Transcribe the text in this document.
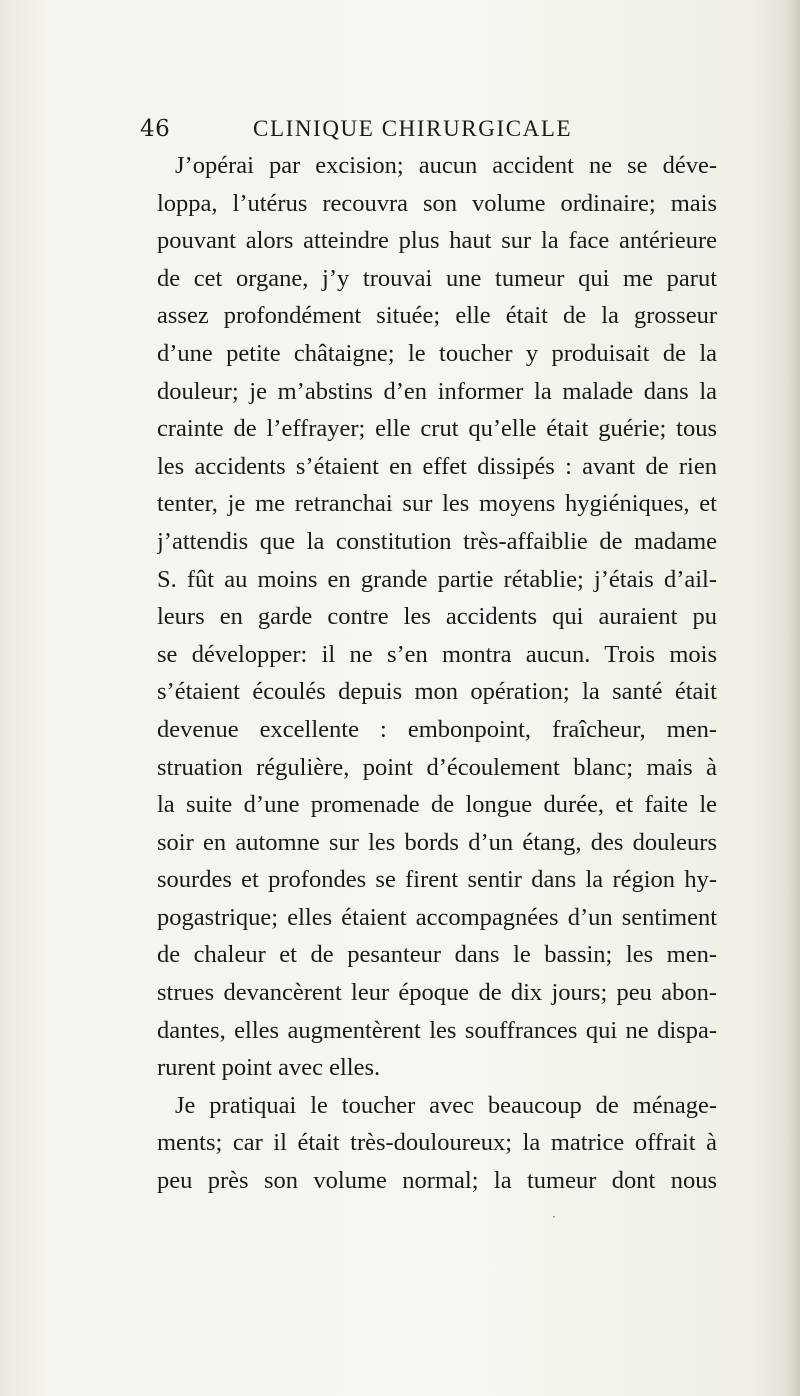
46	CLINIQUE CHIRURGICALE
J’opérai par excision; aucun accident ne se déve-
loppa, l’utérus recouvra son volume ordinaire; mais
pouvant alors atteindre plus haut sur la face antérieure
de cet organe, j’y trouvai une tumeur qui me parut
assez profondément située; elle était de la grosseur
d’une petite châtaigne; le toucher y produisait de la
douleur; je m’abstins d’en informer la malade dans la
crainte de l’effrayer; elle crut qu’elle était guérie; tous
les accidents s’étaient en effet dissipés : avant de rien
tenter, je me retranchai sur les moyens hygiéniques, et
j’attendis que la constitution très-affaiblie de madame
S. fût au moins en grande partie rétablie; j’étais d’ail-
leurs en garde contre les accidents qui auraient pu
se développer: il ne s’en montra aucun. Trois mois
s’étaient écoulés depuis mon opération; la santé était
devenue excellente : embonpoint, fraîcheur, men-
struation régulière, point d’écoulement blanc; mais à
la suite d’une promenade de longue durée, et faite le
soir en automne sur les bords d’un étang, des douleurs
sourdes et profondes se firent sentir dans la région hy-
pogastrique; elles étaient accompagnées d’un sentiment
de chaleur et de pesanteur dans le bassin; les men-
strues devancèrent leur époque de dix jours; peu abon-
dantes, elles augmentèrent les souffrances qui ne dispa-
rurent point avec elles.
Je pratiquai le toucher avec beaucoup de ménage-
ments; car il était très-douloureux; la matrice offrait à
peu près son volume normal; la tumeur dont nous
·
